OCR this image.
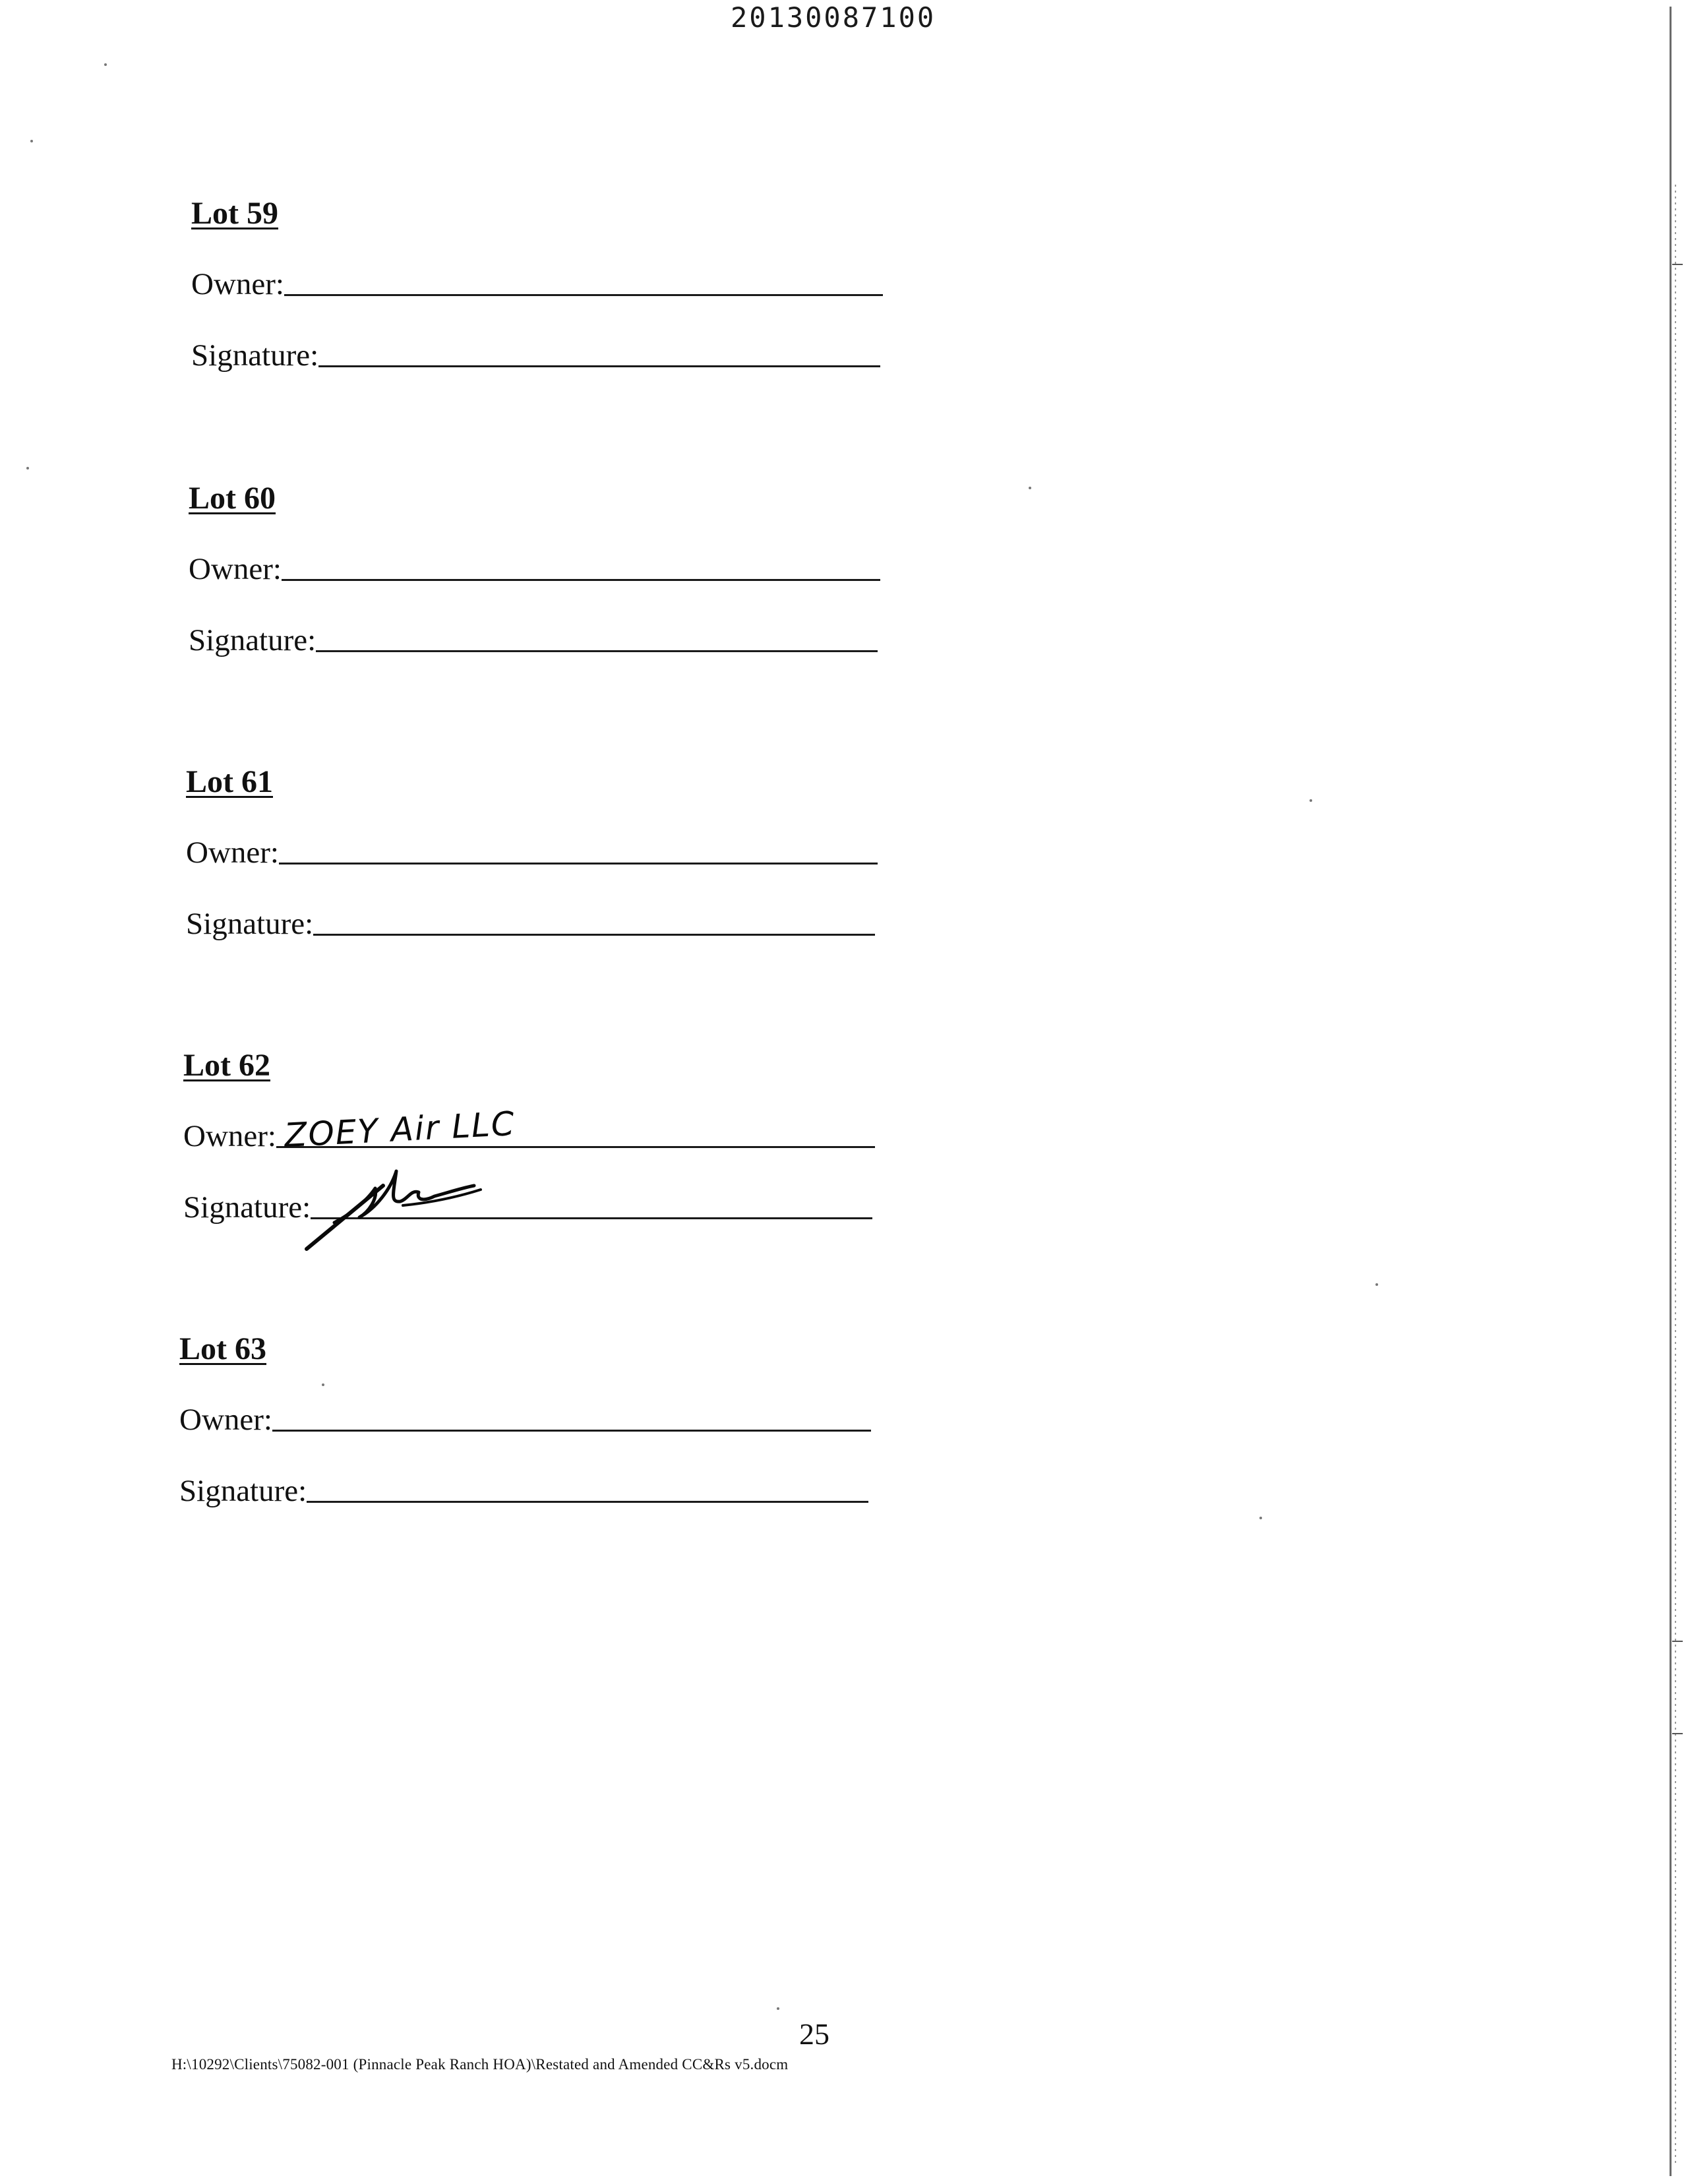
20130087100
Lot 59
Owner:
Signature:
Lot 60
Owner:
Signature:
Lot 61
Owner:
Signature:
Lot 62
Owner: ZOEY Air LLC
Signature:
Lot 63
Owner:
Signature:
25
H:\10292\Clients\75082-001 (Pinnacle Peak Ranch HOA)\Restated and Amended CC&Rs v5.docm
